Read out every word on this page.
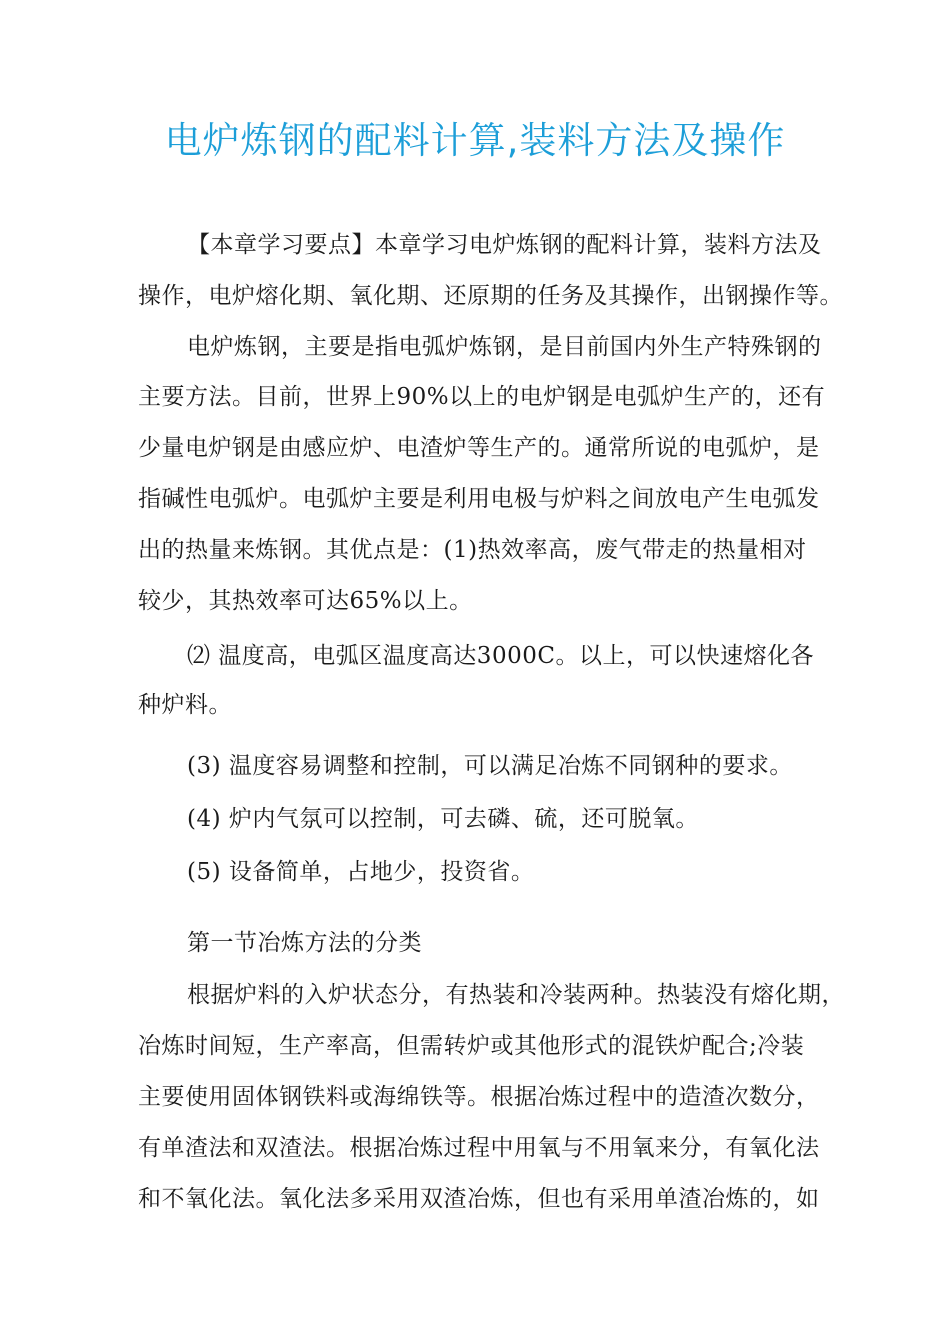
电炉炼钢的配料计算,装料方法及操作
【本章学习要点】本章学习电炉炼钢的配料计算，装料方法及
操作，电炉熔化期、氧化期、还原期的任务及其操作，出钢操作等。
电炉炼钢，主要是指电弧炉炼钢，是目前国内外生产特殊钢的
主要方法。目前，世界上90%以上的电炉钢是电弧炉生产的，还有
少量电炉钢是由感应炉、电渣炉等生产的。通常所说的电弧炉，是
指碱性电弧炉。电弧炉主要是利用电极与炉料之间放电产生电弧发
出的热量来炼钢。其优点是：(1)热效率高，废气带走的热量相对
较少，其热效率可达65%以上。
⑵ 温度高，电弧区温度高达3000C。以上，可以快速熔化各
种炉料。
(3) 温度容易调整和控制，可以满足冶炼不同钢种的要求。
(4) 炉内气氛可以控制，可去磷、硫，还可脱氧。
(5) 设备简单，占地少，投资省。
第一节冶炼方法的分类
根据炉料的入炉状态分，有热装和冷装两种。热装没有熔化期，
冶炼时间短，生产率高，但需转炉或其他形式的混铁炉配合;冷装
主要使用固体钢铁料或海绵铁等。根据冶炼过程中的造渣次数分，
有单渣法和双渣法。根据冶炼过程中用氧与不用氧来分，有氧化法
和不氧化法。氧化法多采用双渣冶炼，但也有采用单渣冶炼的，如
